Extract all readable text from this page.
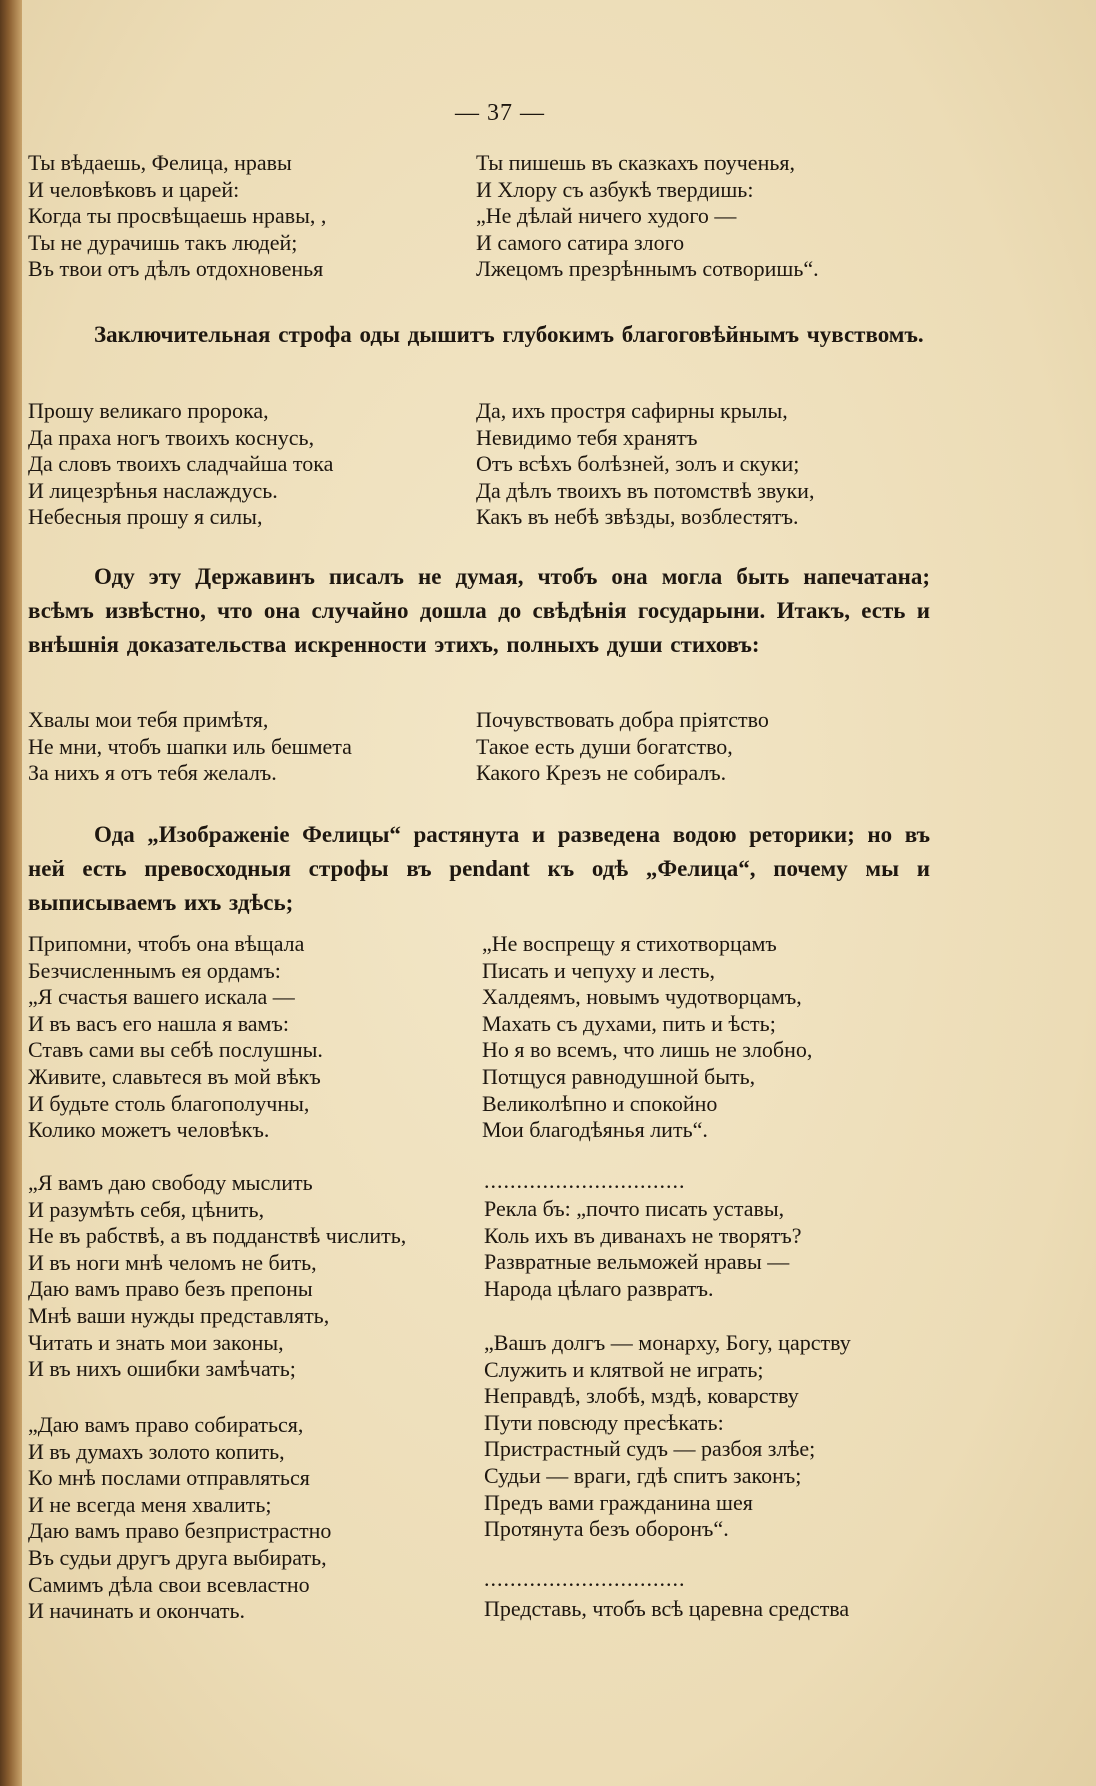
— 37 —
Ты вѣдаешь, Фелица, нравы
И человѣковъ и царей:
Когда ты просвѣщаешь нравы, ,
Ты не дурачишь такъ людей;
Въ твои отъ дѣлъ отдохновенья
Ты пишешь въ сказкахъ поученья,
И Хлору съ азбукѣ твердишь:
„Не дѣлай ничего худого —
И самого сатира злого
Лжецомъ презрѣннымъ сотворишь“.
Заключительная строфа оды дышитъ глубокимъ благоговѣйнымъ чувствомъ.
Прошу великаго пророка,
Да праха ногъ твоихъ коснусь,
Да словъ твоихъ сладчайша тока
И лицезрѣнья наслаждусь.
Небесныя прошу я силы,
Да, ихъ простря сафирны крылы,
Невидимо тебя хранятъ
Отъ всѣхъ болѣзней, золъ и скуки;
Да дѣлъ твоихъ въ потомствѣ звуки,
Какъ въ небѣ звѣзды, возблестятъ.
Оду эту Державинъ писалъ не думая, чтобъ она могла быть напечатана; всѣмъ извѣстно, что она случайно дошла до свѣдѣнія государыни. Итакъ, есть и внѣшнія доказательства искренности этихъ, полныхъ души стиховъ:
Хвалы мои тебя примѣтя,
Не мни, чтобъ шапки иль бешмета
За нихъ я отъ тебя желалъ.
Почувствовать добра пріятство
Такое есть души богатство,
Какого Крезъ не собиралъ.
Ода „Изображеніе Фелицы“ растянута и разведена водою реторики; но въ ней есть превосходныя строфы въ pendant къ одѣ „Фелица“, почему мы и выписываемъ ихъ здѣсь;
Припомни, чтобъ она вѣщала
Безчисленнымъ ея ордамъ:
„Я счастья вашего искала —
И въ васъ его нашла я вамъ:
Ставъ сами вы себѣ послушны.
Живите, славьтеся въ мой вѣкъ
И будьте столь благополучны,
Колико можетъ человѣкъ.
„Не воспрещу я стихотворцамъ
Писать и чепуху и лесть,
Халдеямъ, новымъ чудотворцамъ,
Махать съ духами, пить и ѣсть;
Но я во всемъ, что лишь не злобно,
Потщуся равнодушной быть,
Великолѣпно и спокойно
Мои благодѣянья лить“.
„Я вамъ даю свободу мыслить
И разумѣть себя, цѣнить,
Не въ рабствѣ, а въ подданствѣ числить,
И въ ноги мнѣ челомъ не бить,
Даю вамъ право безъ препоны
Мнѣ ваши нужды представлять,
Читать и знать мои законы,
И въ нихъ ошибки замѣчать;
...............................
Рекла бъ: „почто писать уставы,
Коль ихъ въ диванахъ не творятъ?
Развратные вельможей нравы —
Народа цѣлаго развратъ.
„Даю вамъ право собираться,
И въ думахъ золото копить,
Ко мнѣ послами отправляться
И не всегда меня хвалить;
Даю вамъ право безпристрастно
Въ судьи другъ друга выбирать,
Самимъ дѣла свои всевластно
И начинать и окончать.
„Вашъ долгъ — монарху, Богу, царству
Служить и клятвой не играть;
Неправдѣ, злобѣ, мздѣ, коварству
Пути повсюду пресѣкать:
Пристрастный судъ — разбоя злѣе;
Судьи — враги, гдѣ спитъ законъ;
Предъ вами гражданина шея
Протянута безъ оборонъ“.
...............................
Представь, чтобъ всѣ царевна средства
